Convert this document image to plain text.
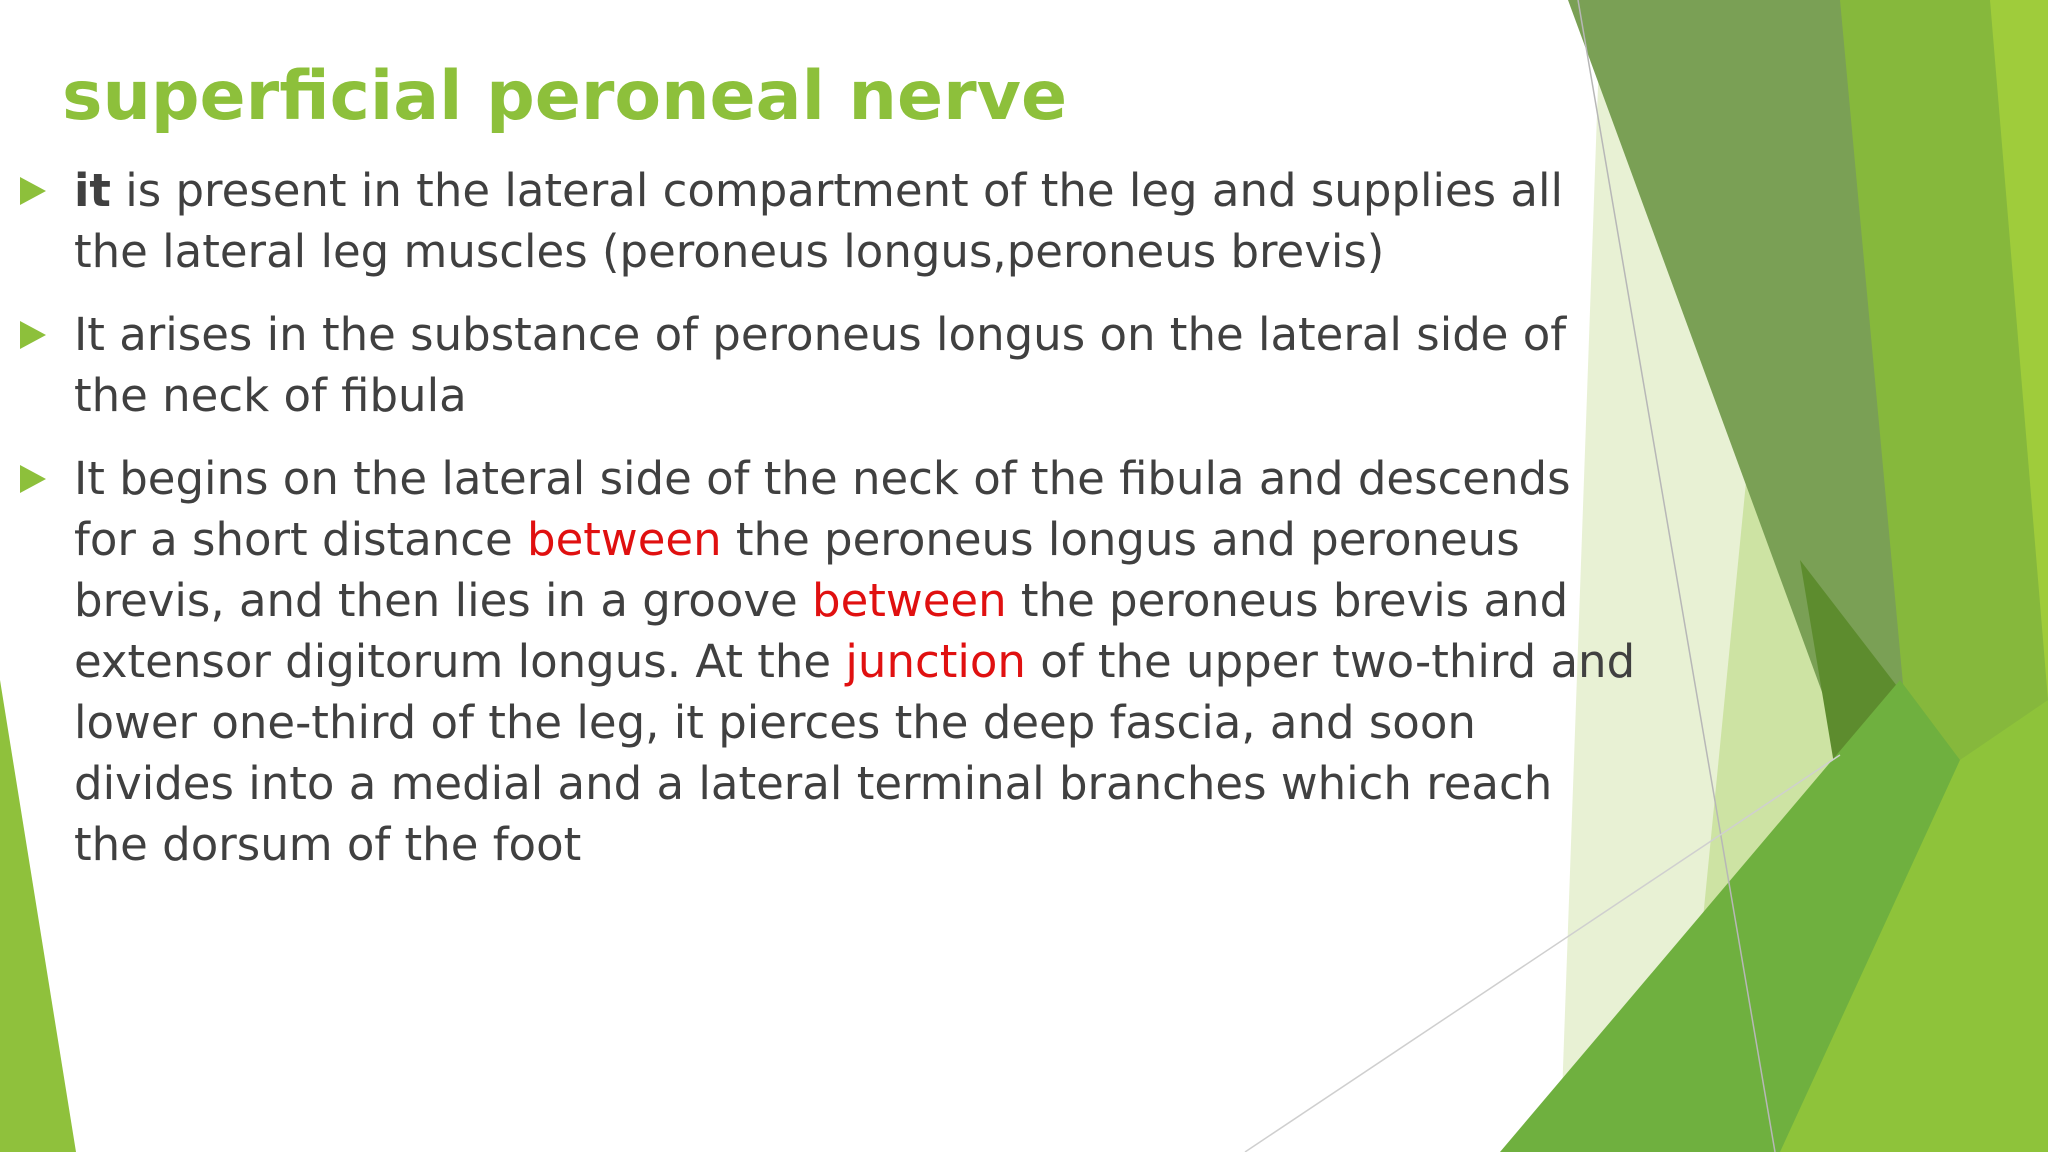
superficial peroneal nerve
it is present in the lateral compartment of the leg and supplies all the lateral leg muscles (peroneus longus,peroneus brevis)
It arises in the substance of peroneus longus on the lateral side of the neck of fibula
It begins on the lateral side of the neck of the fibula and descends for a short distance between the peroneus longus and peroneus brevis, and then lies in a groove between the peroneus brevis and extensor digitorum longus. At the junction of the upper two-third and lower one-third of the leg, it pierces the deep fascia, and soon divides into a medial and a lateral terminal branches which reach the dorsum of the foot
